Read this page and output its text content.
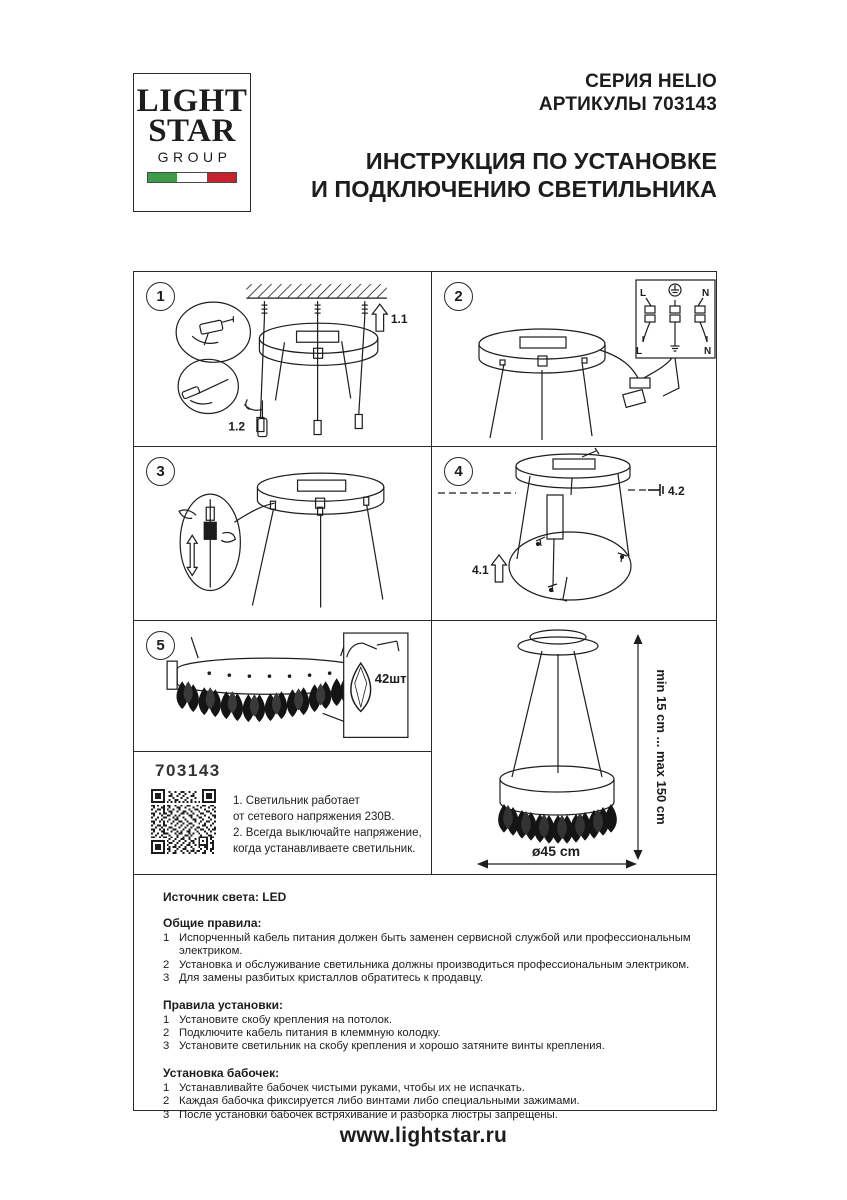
LIGHT
STAR
GROUP
СЕРИЯ HELIO
АРТИКУЛЫ 703143
ИНСТРУКЦИЯ ПО УСТАНОВКЕ
И ПОДКЛЮЧЕНИЮ СВЕТИЛЬНИКА
1
1.1
1.2
2	L	N
L	N
3	4
4.1
4.2
5
42шт
703143
1. Светильник работает
от сетевого напряжения 230В.
2. Всегда выключайте напряжение,
когда устанавливаете светильник.
min 15 cm ... max 150 cm
ø45 cm

Источник света: LED

Общие правила:

1 Испорченный кабель питания должен быть заменен сервисной службой или профессиональным электриком.
2 Установка и обслуживание светильника должны производиться профессиональным электриком.
3 Для замены разбитых кристаллов обратитесь к продавцу.

Правила установки:

1 Установите скобу крепления на потолок.
2 Подключите кабель питания в клеммную колодку.
3 Установите светильник на скобу крепления и хорошо затяните винты крепления.

Установка бабочек:

1 Устанавливайте бабочек чистыми руками, чтобы их не испачкать.
2 Каждая бабочка фиксируется либо винтами либо специальными зажимами.
3 После установки бабочек встряхивание и разборка люстры запрещены.
www.lightstar.ru
